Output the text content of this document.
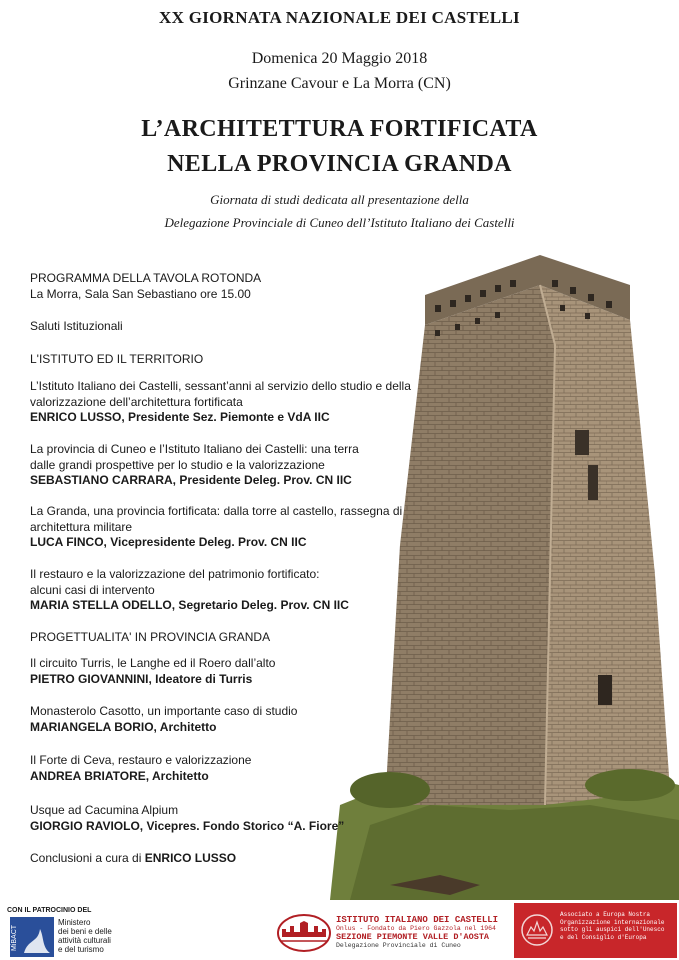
XX GIORNATA NAZIONALE DEI CASTELLI
Domenica 20 Maggio 2018
Grinzane Cavour e La Morra (CN)
L’ARCHITETTURA FORTIFICATA
NELLA PROVINCIA GRANDA
Giornata di studi dedicata all presentazione della
Delegazione Provinciale di Cuneo dell’Istituto Italiano dei Castelli
PROGRAMMA DELLA TAVOLA ROTONDA
La Morra, Sala San Sebastiano ore 15.00
Saluti Istituzionali
L'ISTITUTO ED IL TERRITORIO
L’Istituto Italiano dei Castelli, sessant’anni al servizio dello studio e della
valorizzazione dell’architettura fortificata
ENRICO LUSSO, Presidente Sez. Piemonte e VdA IIC
La provincia di Cuneo e l’Istituto Italiano dei Castelli: una terra
dalle grandi prospettive per lo studio e la valorizzazione
SEBASTIANO CARRARA, Presidente Deleg. Prov. CN IIC
La Granda, una provincia fortificata: dalla torre al castello, rassegna di
architettura militare
LUCA FINCO, Vicepresidente Deleg. Prov. CN IIC
Il restauro e la valorizzazione del patrimonio fortificato:
alcuni casi di intervento
MARIA STELLA ODELLO, Segretario Deleg. Prov. CN IIC
PROGETTUALITA' IN PROVINCIA GRANDA
Il circuito Turris, le Langhe ed il Roero dall’alto
PIETRO GIOVANNINI, Ideatore di Turris
Monasterolo Casotto, un importante caso di studio
MARIANGELA BORIO, Architetto
Il Forte di Ceva, restauro e valorizzazione
ANDREA BRIATORE, Architetto
Usque ad Cacumina Alpium
GIORGIO RAVIOLO, Vicepres. Fondo Storico “A. Fiore”
Conclusioni a cura di ENRICO LUSSO
CON IL PATROCINIO DEL
MiBACT
Ministero
dei beni e delle
attività culturali
e del turismo
ISTITUTO ITALIANO DEI CASTELLI
Onlus - Fondato da Piero Gazzola nel 1964
SEZIONE PIEMONTE VALLE D'AOSTA
Delegazione Provinciale di Cuneo
Associato a Europa Nostra
Organizzazione internazionale
sotto gli auspici dell'Unesco
e del Consiglio d'Europa
